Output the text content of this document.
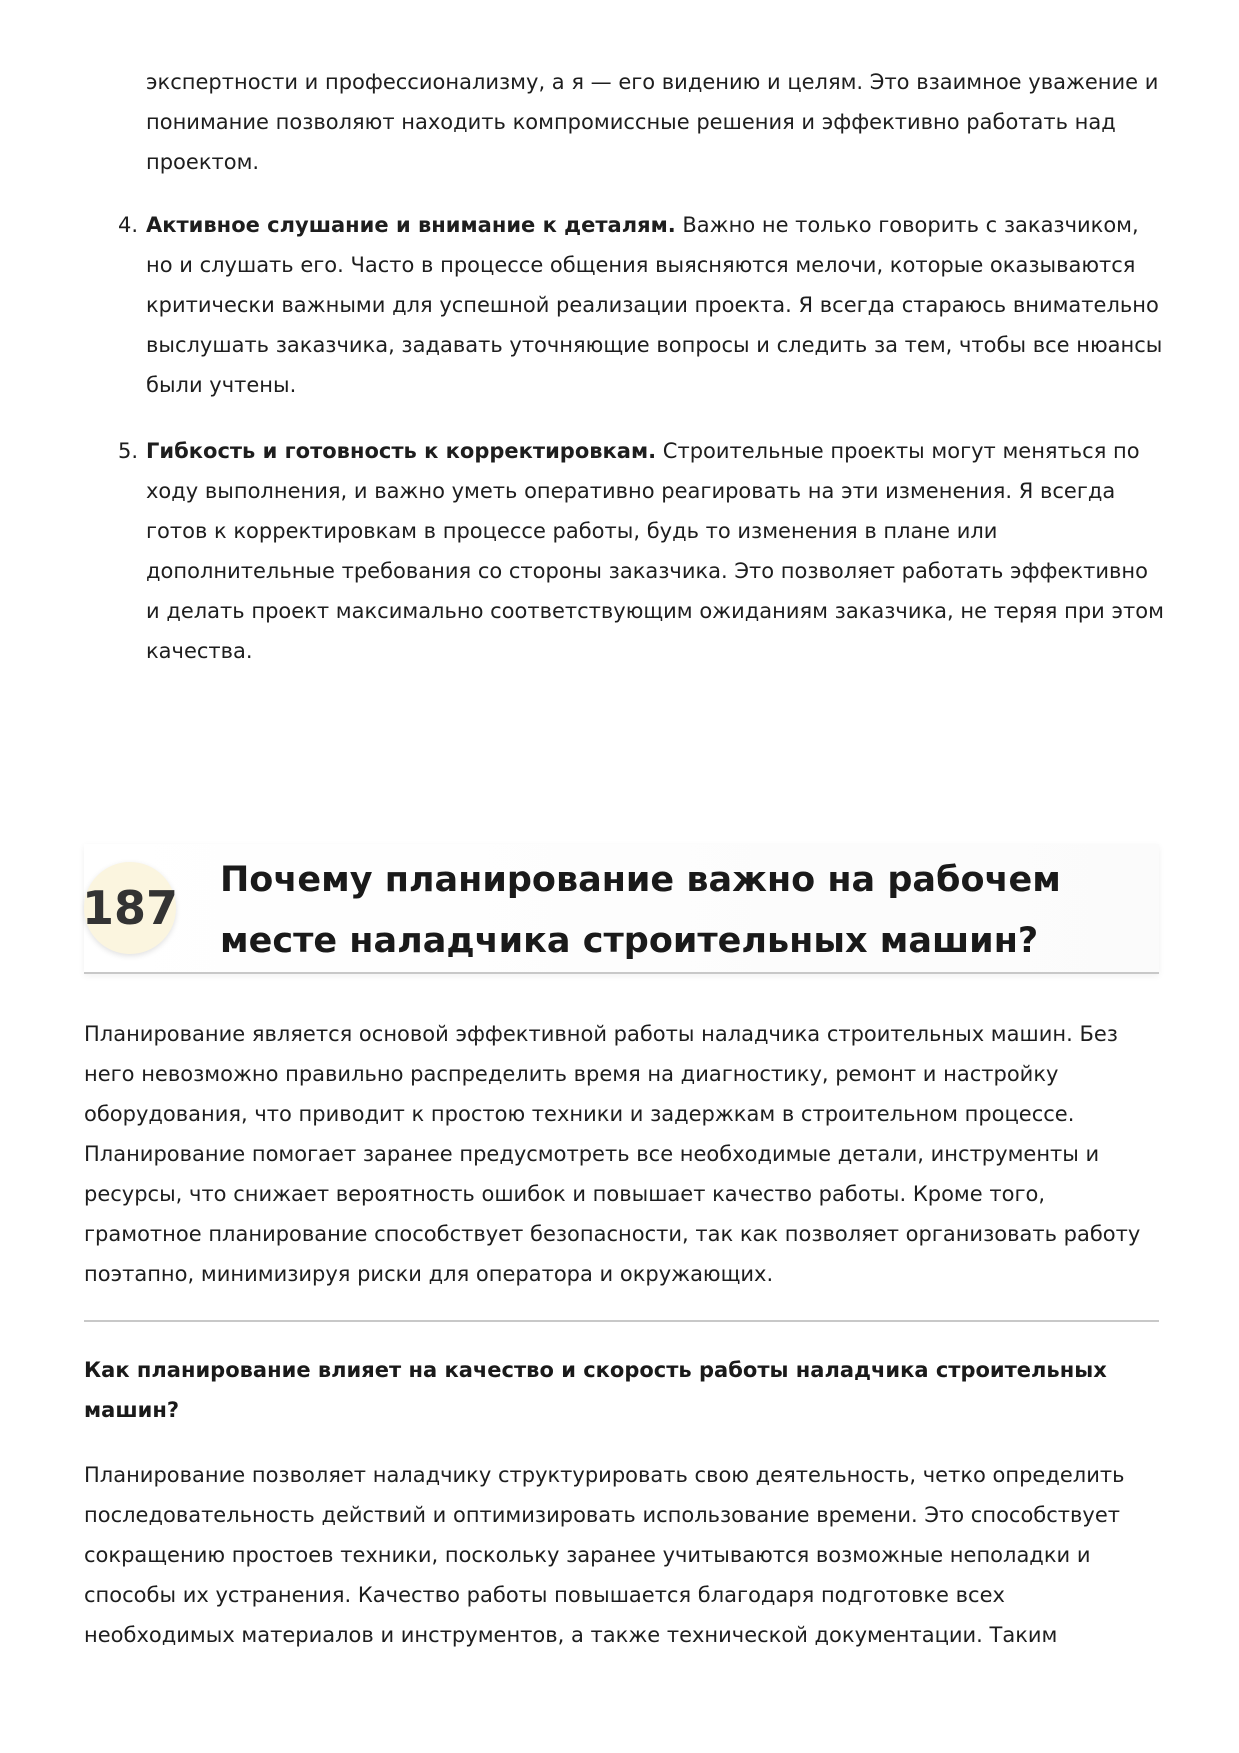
экспертности и профессионализму, а я — его видению и целям. Это взаимное уважение и понимание позволяют находить компромиссные решения и эффективно работать над проектом.

4. Активное слушание и внимание к деталям. Важно не только говорить с заказчиком, но и слушать его. Часто в процессе общения выясняются мелочи, которые оказываются критически важными для успешной реализации проекта. Я всегда стараюсь внимательно выслушать заказчика, задавать уточняющие вопросы и следить за тем, чтобы все нюансы были учтены.
5. Гибкость и готовность к корректировкам. Строительные проекты могут меняться по ходу выполнения, и важно уметь оперативно реагировать на эти изменения. Я всегда готов к корректировкам в процессе работы, будь то изменения в плане или дополнительные требования со стороны заказчика. Это позволяет работать эффективно и делать проект максимально соответствующим ожиданиям заказчика, не теряя при этом качества.
187
Почему планирование важно на рабочем месте наладчика строительных машин?

Планирование является основой эффективной работы наладчика строительных машин. Без него невозможно правильно распределить время на диагностику, ремонт и настройку оборудования, что приводит к простою техники и задержкам в строительном процессе. Планирование помогает заранее предусмотреть все необходимые детали, инструменты и ресурсы, что снижает вероятность ошибок и повышает качество работы. Кроме того, грамотное планирование способствует безопасности, так как позволяет организовать работу поэтапно, минимизируя риски для оператора и окружающих.

Как планирование влияет на качество и скорость работы наладчика строительных машин?

Планирование позволяет наладчику структурировать свою деятельность, четко определить последовательность действий и оптимизировать использование времени. Это способствует сокращению простоев техники, поскольку заранее учитываются возможные неполадки и способы их устранения. Качество работы повышается благодаря подготовке всех необходимых материалов и инструментов, а также технической документации. Таким
